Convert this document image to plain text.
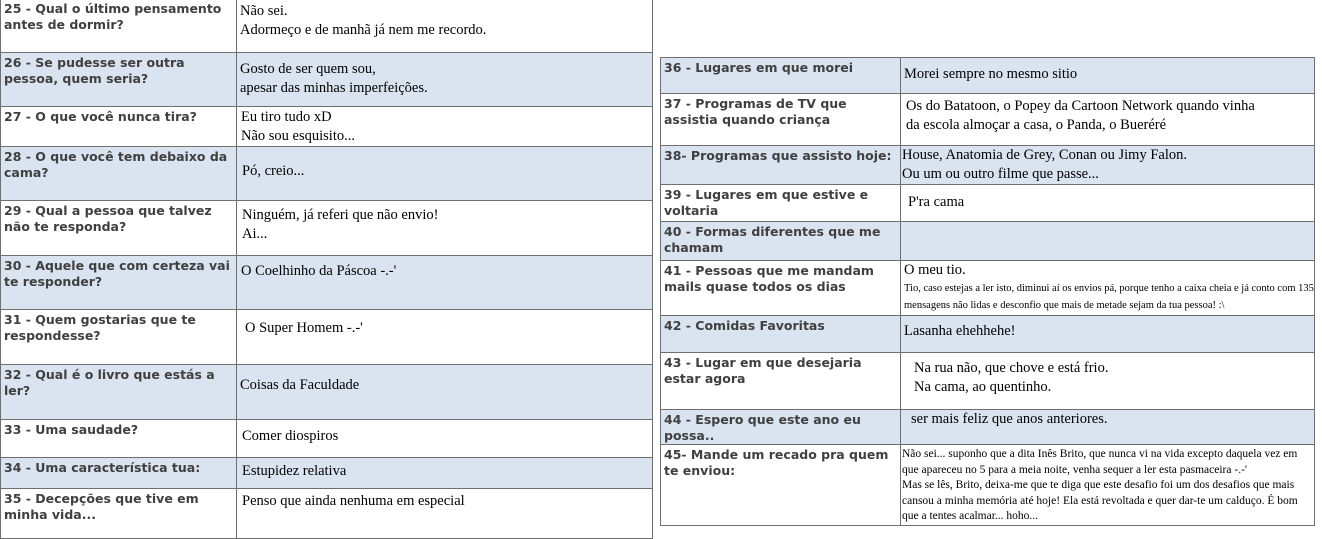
25 - Qual o último pensamento antes de dormir?	Não sei.
Adormeço e de manhã já nem me recordo.

26 - Se pudesse ser outra pessoa, quem seria?	Gosto de ser quem sou,
apesar das minhas imperfeições.

27 - O que você nunca tira?	Eu tiro tudo xD
Não sou esquisito...

28 - O que você tem debaixo da cama?	Pó, creio...

29 - Qual a pessoa que talvez não te responda?	Ninguém, já referi que não envio!
Ai...

30 - Aquele que com certeza vai te responder?	O Coelhinho da Páscoa -.-'

31 - Quem gostarias que te respondesse?	O Super Homem -.-'

32 - Qual é o livro que estás a ler?	Coisas da Faculdade

33 - Uma saudade?	Comer diospiros

34 - Uma característica tua:	Estupidez relativa

35 - Decepções que tive em minha vida...	Penso que ainda nenhuma em especial
36 - Lugares em que morei	Morei sempre no mesmo sitio

37 - Programas de TV que assistia quando criança	Os do Batatoon, o Popey da Cartoon Network quando vinha
da escola almoçar a casa, o Panda, o Bueréré

38- Programas que assisto hoje:	House, Anatomia de Grey, Conan ou Jimy Falon.
Ou um ou outro filme que passe...

39 - Lugares em que estive e voltaria	P'ra cama

40 - Formas diferentes que me chamam	
41 - Pessoas que me mandam mails quase todos os dias	O meu tio.
Tio, caso estejas a ler isto, diminui aí os envios pá, porque tenho a caixa cheia e já conto com 135 mensagens não lidas e desconfio que mais de metade sejam da tua pessoa! :\

42 - Comidas Favoritas	Lasanha ehehhehe!

43 - Lugar em que desejaria estar agora	Na rua não, que chove e está frio.
Na cama, ao quentinho.

44 - Espero que este ano eu possa..	ser mais feliz que anos anteriores.

45- Mande um recado pra quem te enviou:	Não sei... suponho que a dita Inês Brito, que nunca vi na vida excepto daquela vez em que apareceu no 5 para a meia noite, venha sequer a ler esta pasmaceira -.-'
Mas se lês, Brito, deixa-me que te diga que este desafio foi um dos desafios que mais cansou a minha memória até hoje! Ela está revoltada e quer dar-te um calduço. É bom que a tentes acalmar... hoho...
